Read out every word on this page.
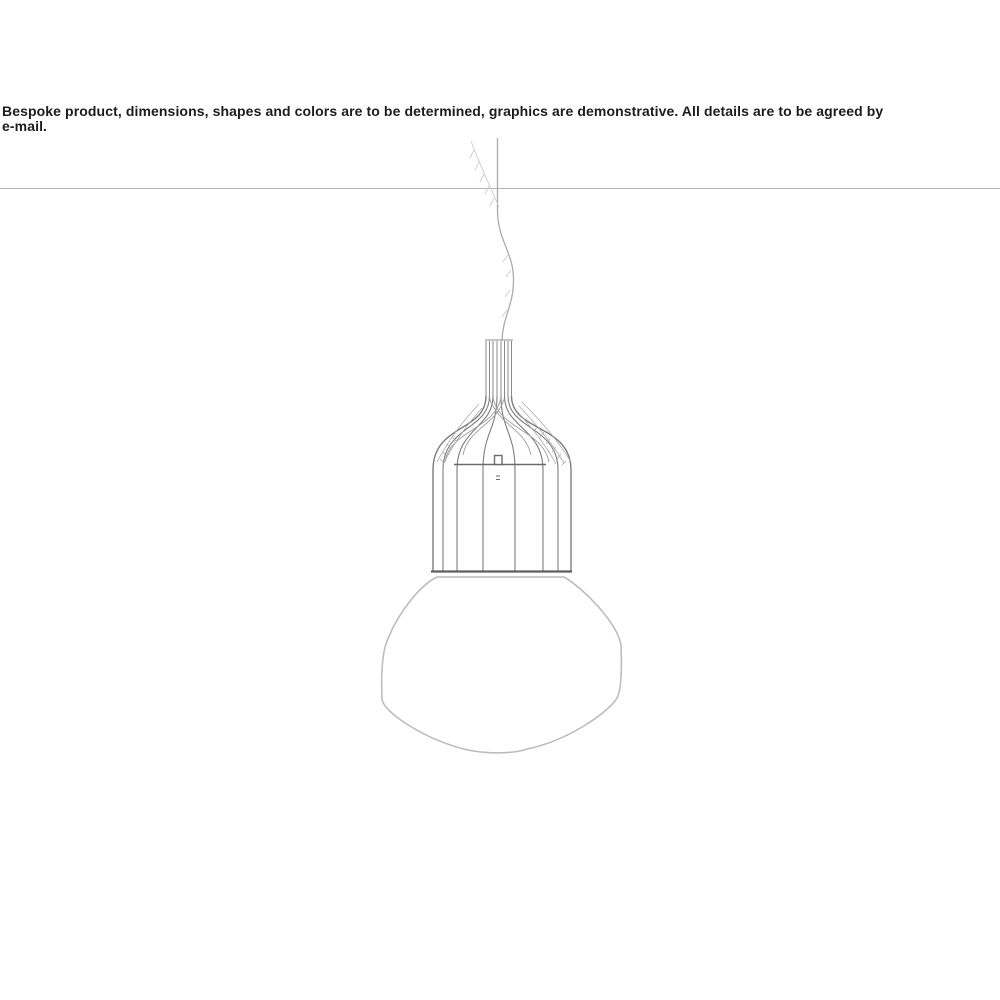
Bespoke product, dimensions, shapes and colors are to be determined, graphics are demonstrative. All details are to be agreed by
e-mail.
